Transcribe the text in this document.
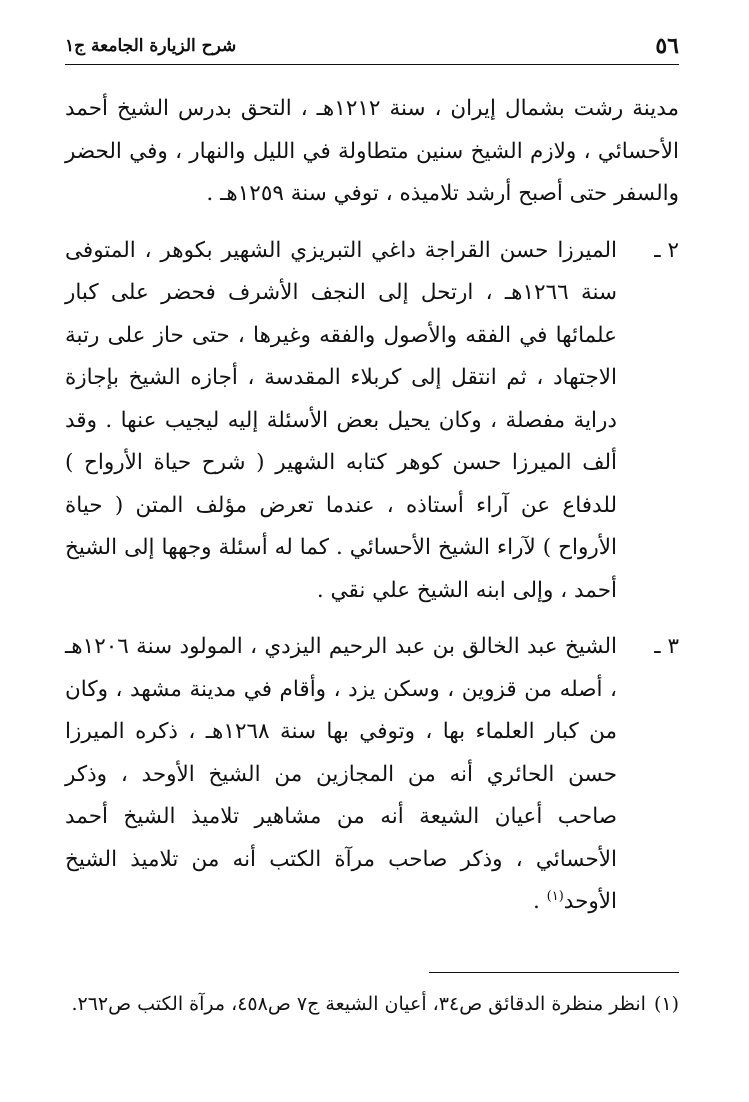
٥٦
شرح الزيارة الجامعة ج١

مدينة رشت بشمال إيران ، سنة ١٢١٢هـ ، التحق بدرس الشيخ أحمد الأحسائي ، ولازم الشيخ سنين متطاولة في الليل والنهار ، وفي الحضر والسفر حتى أصبح أرشد تلاميذه ، توفي سنة ١٢٥٩هـ .

٢ ـ

الميرزا حسن القراجة داغي التبريزي الشهير بكوهر ، المتوفى سنة ١٢٦٦هـ ، ارتحل إلى النجف الأشرف فحضر على كبار علمائها في الفقه والأصول والفقه وغيرها ، حتى حاز على رتبة الاجتهاد ، ثم انتقل إلى كربلاء المقدسة ، أجازه الشيخ بإجازة دراية مفصلة ، وكان يحيل بعض الأسئلة إليه ليجيب عنها . وقد ألف الميرزا حسن كوهر كتابه الشهير ( شرح حياة الأرواح ) للدفاع عن آراء أستاذه ، عندما تعرض مؤلف المتن ( حياة الأرواح ) لآراء الشيخ الأحسائي . كما له أسئلة وجهها إلى الشيخ أحمد ، وإلى ابنه الشيخ علي نقي .

٣ ـ

الشيخ عبد الخالق بن عبد الرحيم اليزدي ، المولود سنة ١٢٠٦هـ ، أصله من قزوين ، وسكن يزد ، وأقام في مدينة مشهد ، وكان من كبار العلماء بها ، وتوفي بها سنة ١٢٦٨هـ ، ذكره الميرزا حسن الحائري أنه من المجازين من الشيخ الأوحد ، وذكر صاحب أعيان الشيعة أنه من مشاهير تلاميذ الشيخ أحمد الأحسائي ، وذكر صاحب مرآة الكتب أنه من تلاميذ الشيخ الأوحد$^{(١)}$ .

(١)انظر منظرة الدقائق ص٣٤، أعيان الشيعة ج٧ ص٤٥٨، مرآة الكتب ص٢٦٢.
